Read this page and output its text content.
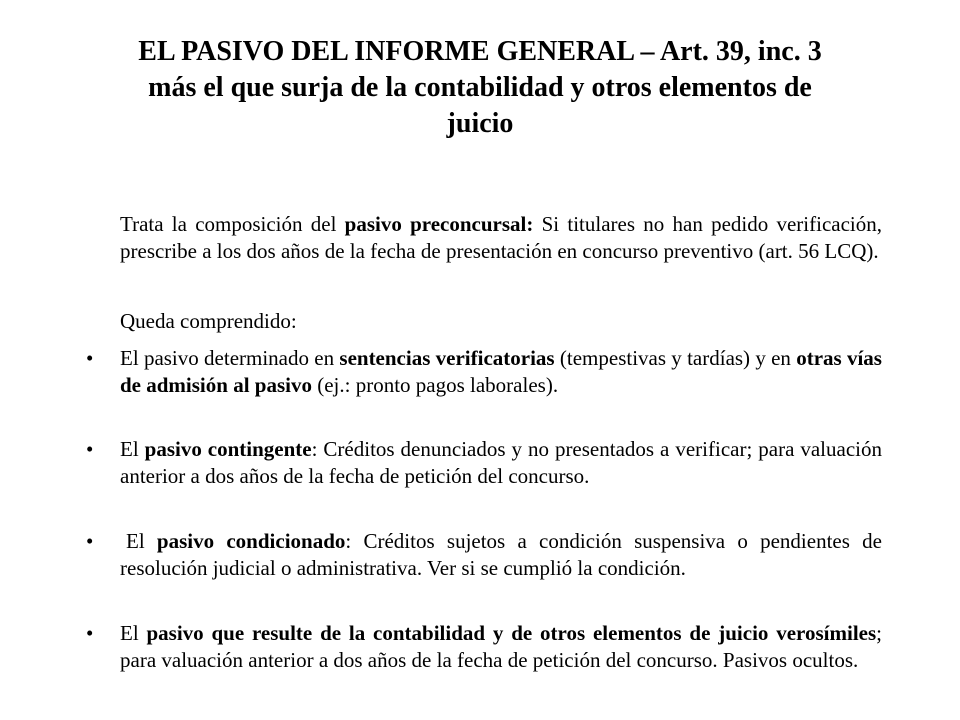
EL PASIVO DEL INFORME GENERAL – Art. 39, inc. 3
más el que surja de la contabilidad y otros elementos de
juicio

Trata la composición del pasivo preconcursal: Si titulares no han pedido verificación, prescribe a los dos años de la fecha de presentación en concurso preventivo (art. 56 LCQ).

Queda comprendido:

•	El pasivo determinado en sentencias verificatorias (tempestivas y tardías) y en otras vías de admisión al pasivo (ej.: pronto pagos laborales).

•	El pasivo contingente: Créditos denunciados y no presentados a verificar; para valuación anterior a dos años de la fecha de petición del concurso.

•	El pasivo condicionado: Créditos sujetos a condición suspensiva o pendientes de resolución judicial o administrativa. Ver si se cumplió la condición.

•	El pasivo que resulte de la contabilidad y de otros elementos de juicio verosímiles; para valuación anterior a dos años de la fecha de petición del concurso. Pasivos ocultos.
